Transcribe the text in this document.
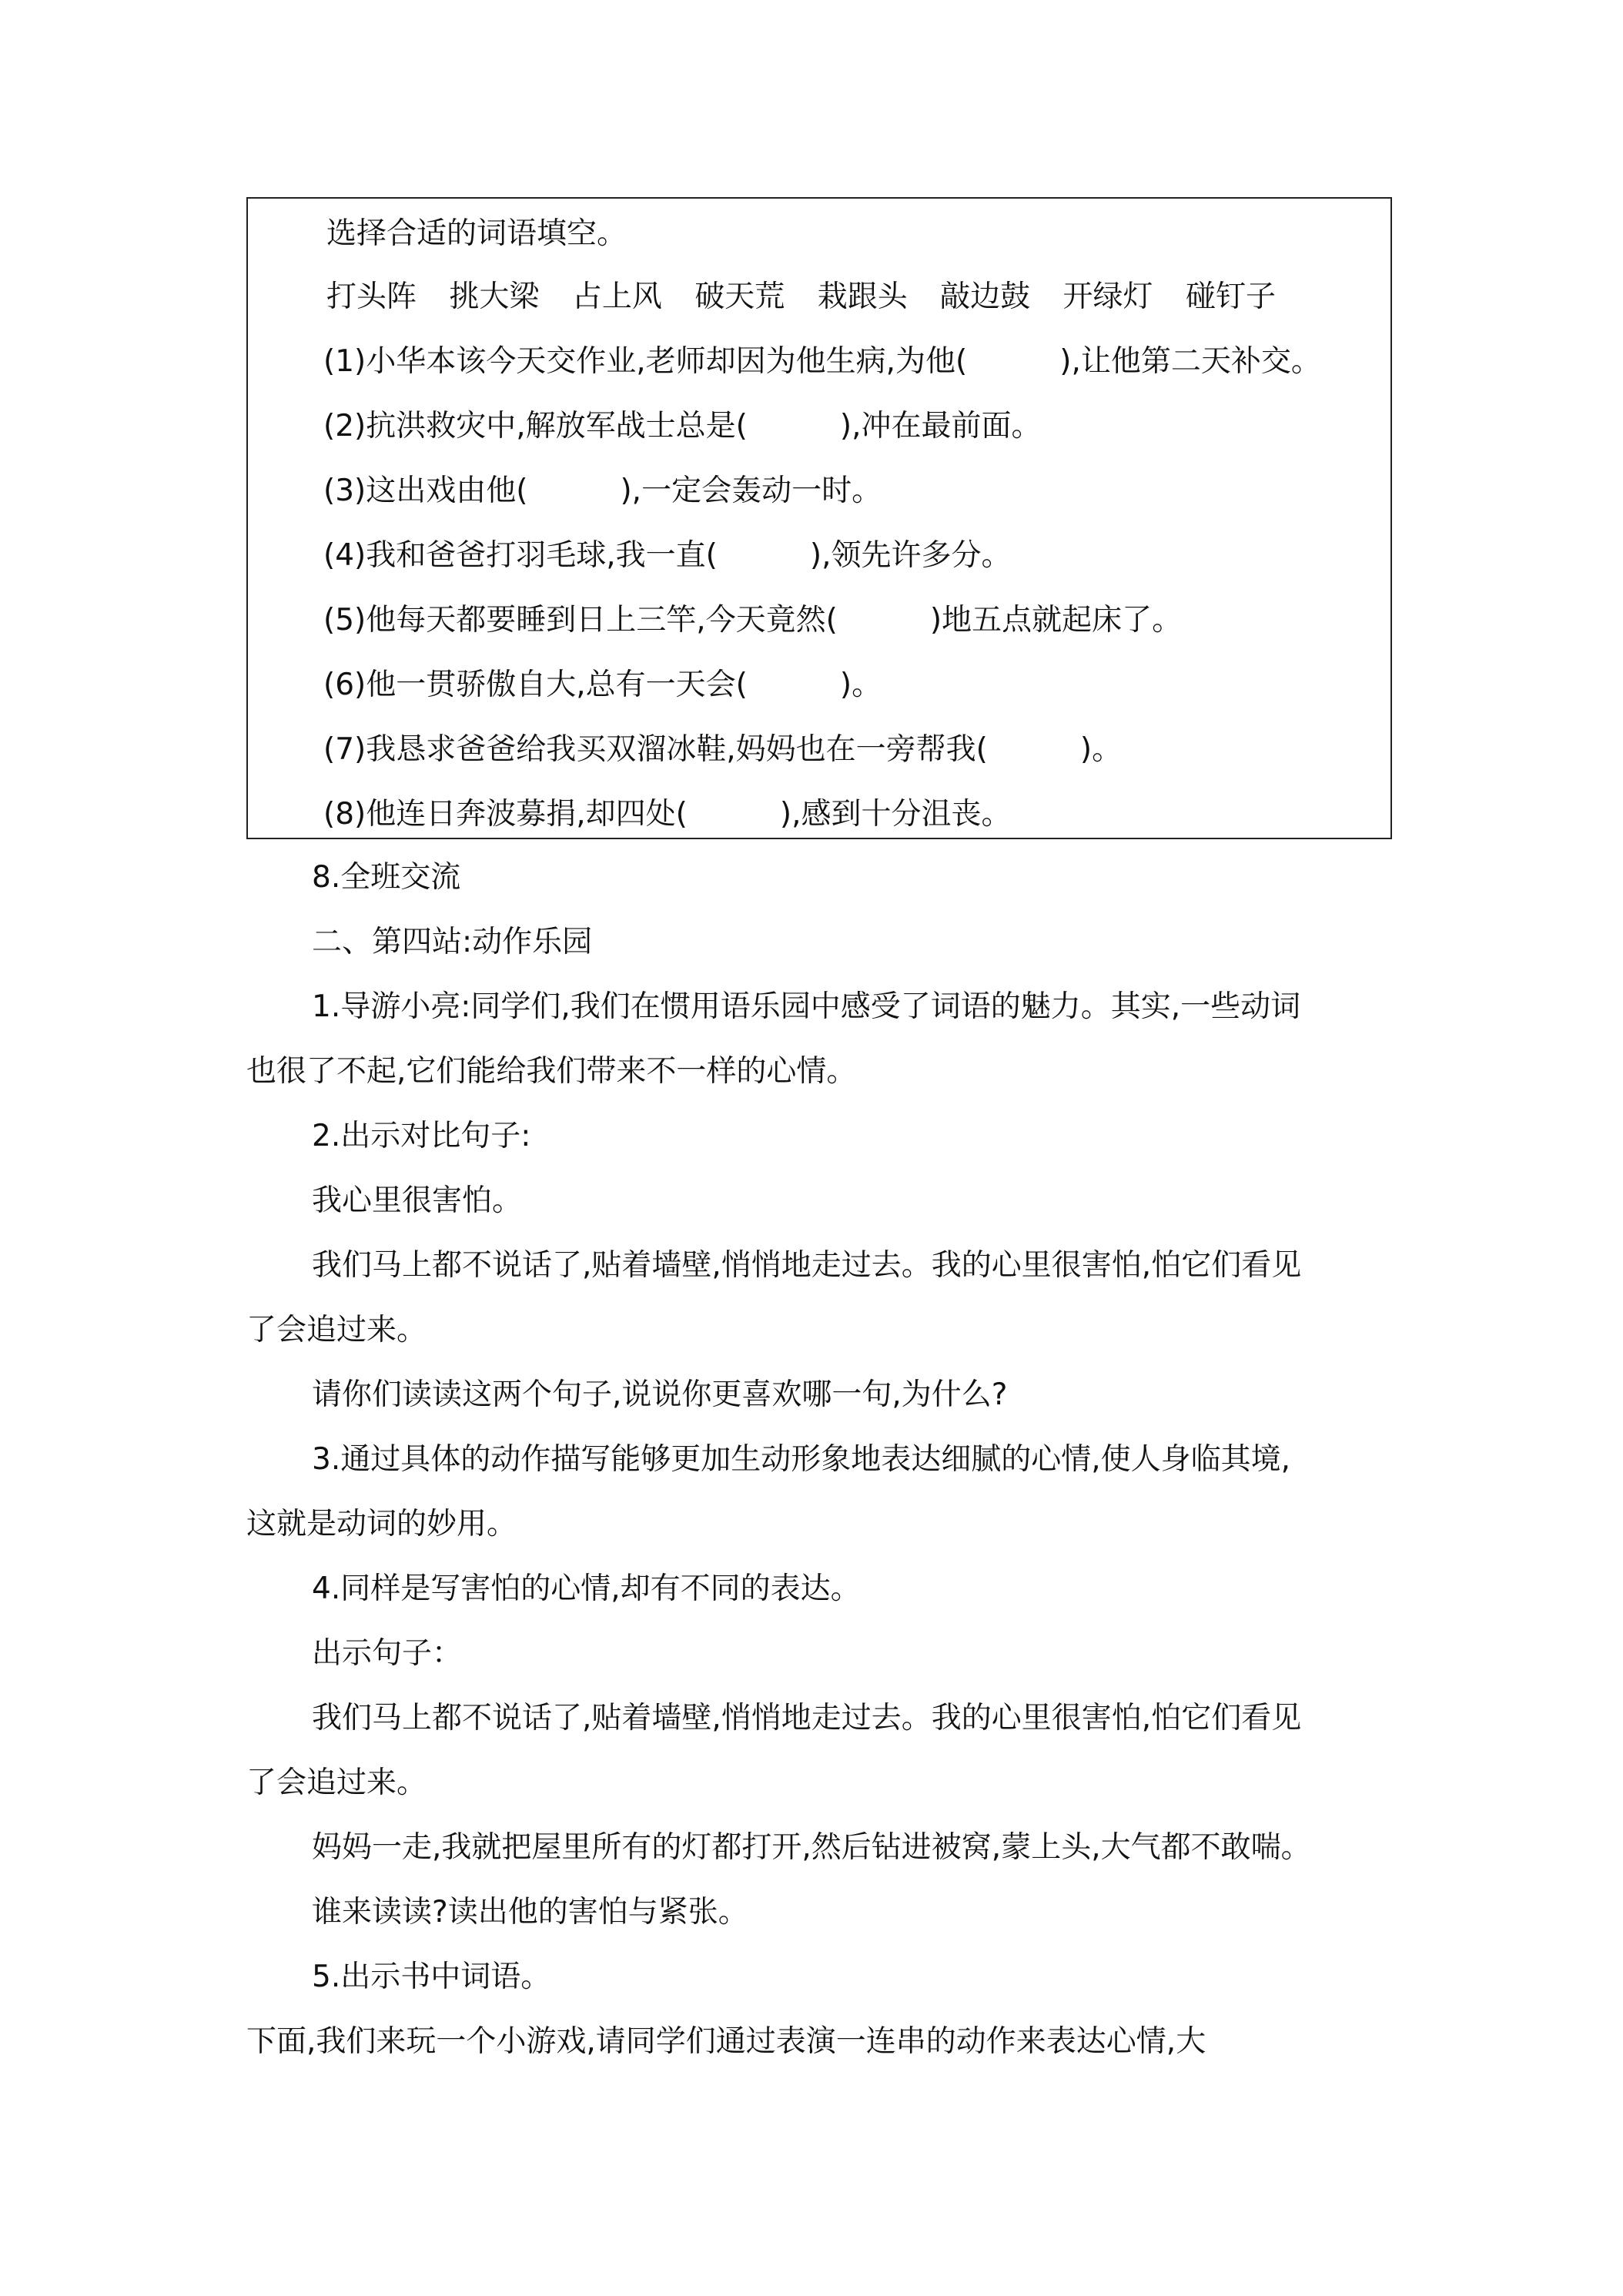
选择合适的词语填空。

打头阵 挑大梁 占上风 破天荒 栽跟头 敲边鼓 开绿灯 碰钉子

(1)小华本该今天交作业,老师却因为他生病,为他(	),让他第二天补交。

(2)抗洪救灾中,解放军战士总是(	),冲在最前面。

(3)这出戏由他(	),一定会轰动一时。

(4)我和爸爸打羽毛球,我一直(	),领先许多分。

(5)他每天都要睡到日上三竿,今天竟然(	)地五点就起床了。

(6)他一贯骄傲自大,总有一天会(	)。

(7)我恳求爸爸给我买双溜冰鞋,妈妈也在一旁帮我(	)。

(8)他连日奔波募捐,却四处(	),感到十分沮丧。

8.全班交流

二、第四站:动作乐园

1.导游小亮:同学们,我们在惯用语乐园中感受了词语的魅力。其实,一些动词

也很了不起,它们能给我们带来不一样的心情。

2.出示对比句子:

我心里很害怕。

我们马上都不说话了,贴着墙壁,悄悄地走过去。我的心里很害怕,怕它们看见

了会追过来。

请你们读读这两个句子,说说你更喜欢哪一句,为什么?

3.通过具体的动作描写能够更加生动形象地表达细腻的心情,使人身临其境,

这就是动词的妙用。

4.同样是写害怕的心情,却有不同的表达。

出示句子：

我们马上都不说话了,贴着墙壁,悄悄地走过去。我的心里很害怕,怕它们看见

了会追过来。

妈妈一走,我就把屋里所有的灯都打开,然后钻进被窝,蒙上头,大气都不敢喘。

谁来读读?读出他的害怕与紧张。

5.出示书中词语。

下面,我们来玩一个小游戏,请同学们通过表演一连串的动作来表达心情,大
